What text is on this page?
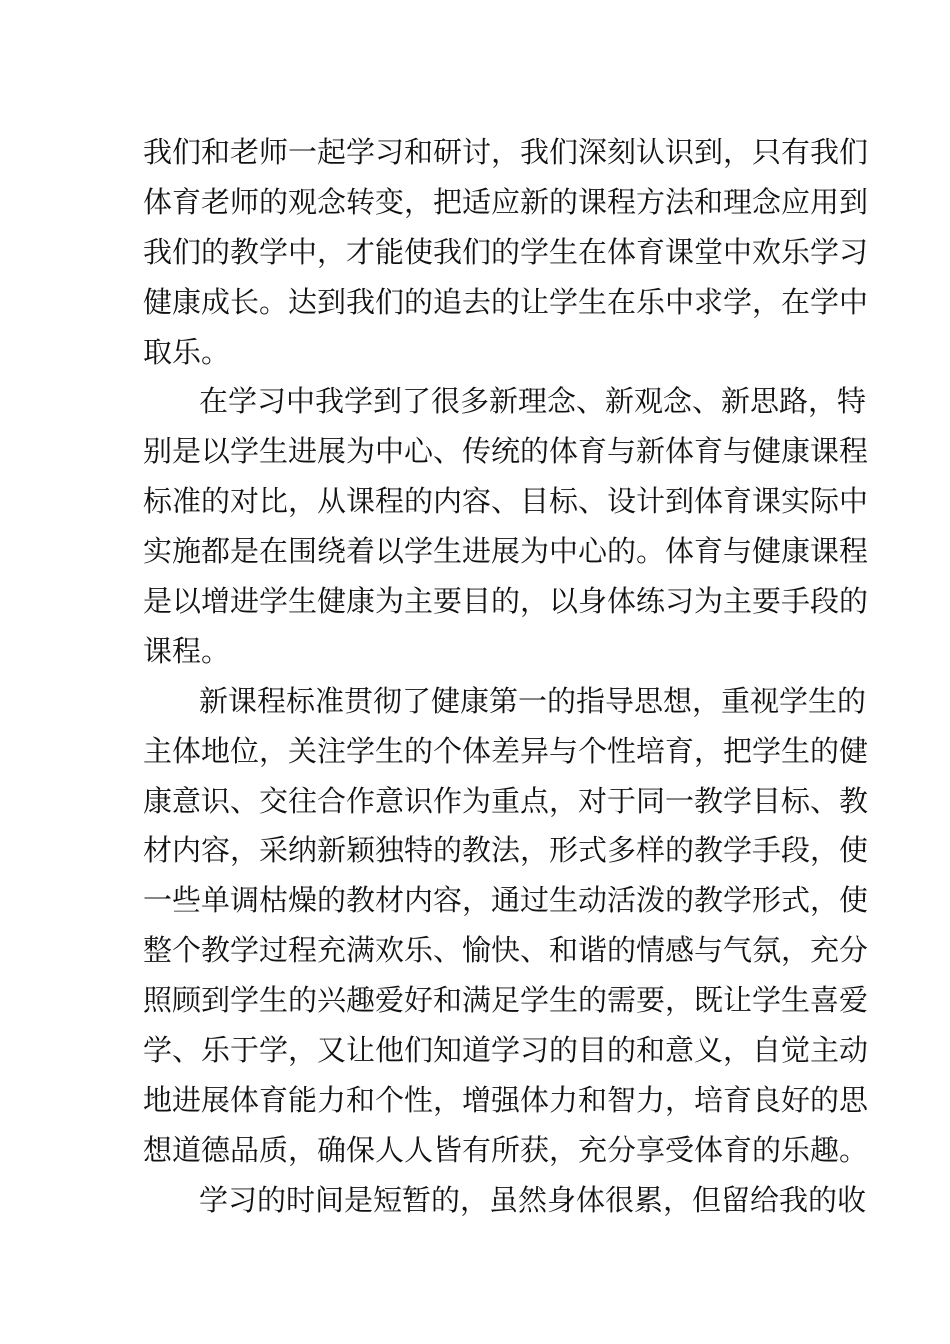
我们和老师一起学习和研讨，我们深刻认识到，只有我们
体育老师的观念转变，把适应新的课程方法和理念应用到
我们的教学中，才能使我们的学生在体育课堂中欢乐学习
健康成长。达到我们的追去的让学生在乐中求学，在学中
取乐。
在学习中我学到了很多新理念、新观念、新思路，特
别是以学生进展为中心、传统的体育与新体育与健康课程
标准的对比，从课程的内容、目标、设计到体育课实际中
实施都是在围绕着以学生进展为中心的。体育与健康课程
是以增进学生健康为主要目的，以身体练习为主要手段的
课程。
新课程标准贯彻了健康第一的指导思想，重视学生的
主体地位，关注学生的个体差异与个性培育，把学生的健
康意识、交往合作意识作为重点，对于同一教学目标、教
材内容，采纳新颖独特的教法，形式多样的教学手段，使
一些单调枯燥的教材内容，通过生动活泼的教学形式，使
整个教学过程充满欢乐、愉快、和谐的情感与气氛，充分
照顾到学生的兴趣爱好和满足学生的需要，既让学生喜爱
学、乐于学，又让他们知道学习的目的和意义，自觉主动
地进展体育能力和个性，增强体力和智力，培育良好的思
想道德品质，确保人人皆有所获，充分享受体育的乐趣。
学习的时间是短暂的，虽然身体很累，但留给我的收
